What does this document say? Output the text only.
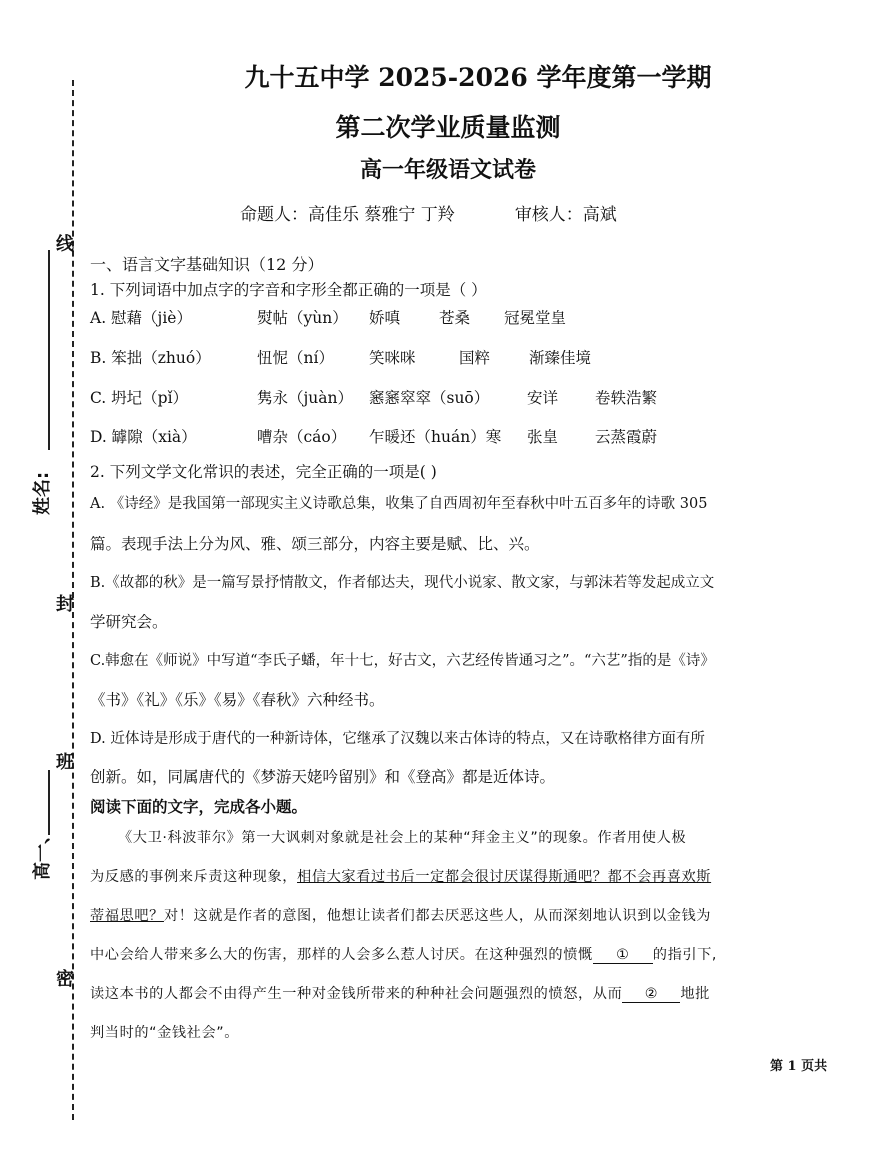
线
姓名:
封
班
高一、
密
九十五中学 2025-2026 学年度第一学期
第二次学业质量监测
高一年级语文试卷
命题人：高佳乐 蔡雅宁 丁羚	审核人：高斌
一、语言文字基础知识（12 分）
1. 下列词语中加点字的字音和字形全都正确的一项是（ ）
A. 慰藉（jiè）	熨帖（yùn） 娇嗔	苍桑 冠冕堂皇
B. 笨拙（zhuó）	忸怩（ní） 笑咪咪	国粹	渐臻佳境
C. 坍圮（pǐ）	隽永（juàn） 窸窸窣窣（suō） 安详 卷轶浩繁
D. 罅隙（xià）	嘈杂（cáo） 乍暖还（huán）寒 张皇 云蒸霞蔚
2. 下列文学文化常识的表述，完全正确的一项是( )
A. 《诗经》是我国第一部现实主义诗歌总集，收集了自西周初年至春秋中叶五百多年的诗歌 305
篇。表现手法上分为风、雅、颂三部分，内容主要是赋、比、兴。
B.《故都的秋》是一篇写景抒情散文，作者郁达夫，现代小说家、散文家，与郭沫若等发起成立文
学研究会。
C.韩愈在《师说》中写道“李氏子蟠，年十七，好古文，六艺经传皆通习之”。“六艺”指的是《诗》
《书》《礼》《乐》《易》《春秋》六种经书。
D. 近体诗是形成于唐代的一种新诗体，它继承了汉魏以来古体诗的特点，又在诗歌格律方面有所
创新。如，同属唐代的《梦游天姥吟留别》和《登高》都是近体诗。
阅读下面的文字，完成各小题。
《大卫·科波菲尔》第一大讽刺对象就是社会上的某种“拜金主义”的现象。作者用使人极
为反感的事例来斥责这种现象，相信大家看过书后一定都会很讨厌谋得斯通吧？都不会再喜欢斯
蒂福思吧？对！这就是作者的意图，他想让读者们都去厌恶这些人，从而深刻地认识到以金钱为
中心会给人带来多么大的伤害，那样的人会多么惹人讨厌。在这种强烈的愤慨 ① 的指引下,
读这本书的人都会不由得产生一种对金钱所带来的种种社会问题强烈的愤怒，从而 ② 地批
判当时的“金钱社会”。
第 1 页共
